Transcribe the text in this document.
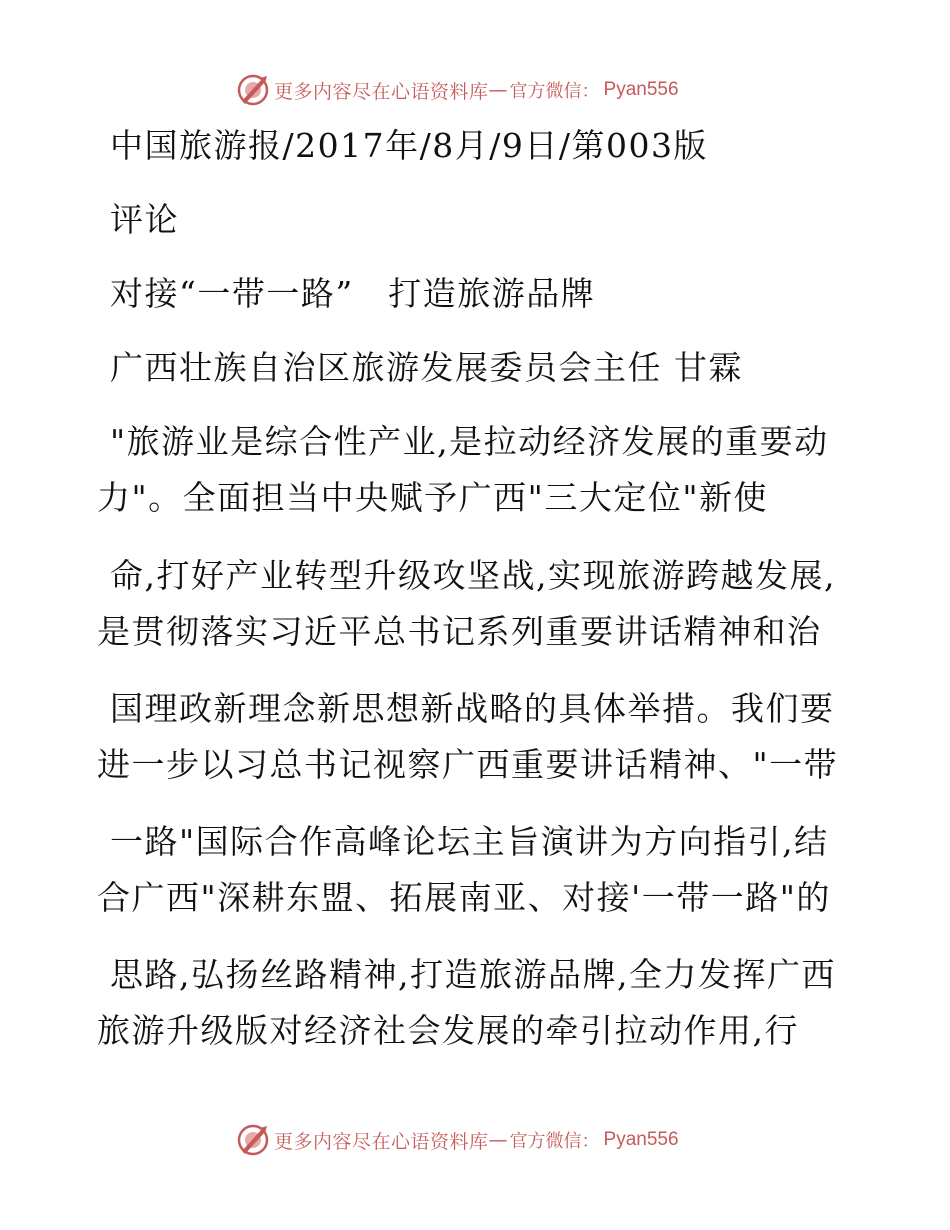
更多内容尽在心语资料库 — 官方微信： Pyan556
中国旅游报/2017年/8月/9日/第003版
评论
对接“一带一路”　打造旅游品牌
广西壮族自治区旅游发展委员会主任 甘霖
"旅游业是综合性产业,是拉动经济发展的重要动
力"。全面担当中央赋予广西"三大定位"新使
命,打好产业转型升级攻坚战,实现旅游跨越发展,
是贯彻落实习近平总书记系列重要讲话精神和治
国理政新理念新思想新战略的具体举措。我们要
进一步以习总书记视察广西重要讲话精神、"一带
一路"国际合作高峰论坛主旨演讲为方向指引,结
合广西"深耕东盟、拓展南亚、对接'一带一路"的
思路,弘扬丝路精神,打造旅游品牌,全力发挥广西
旅游升级版对经济社会发展的牵引拉动作用,行
更多内容尽在心语资料库 — 官方微信： Pyan556
